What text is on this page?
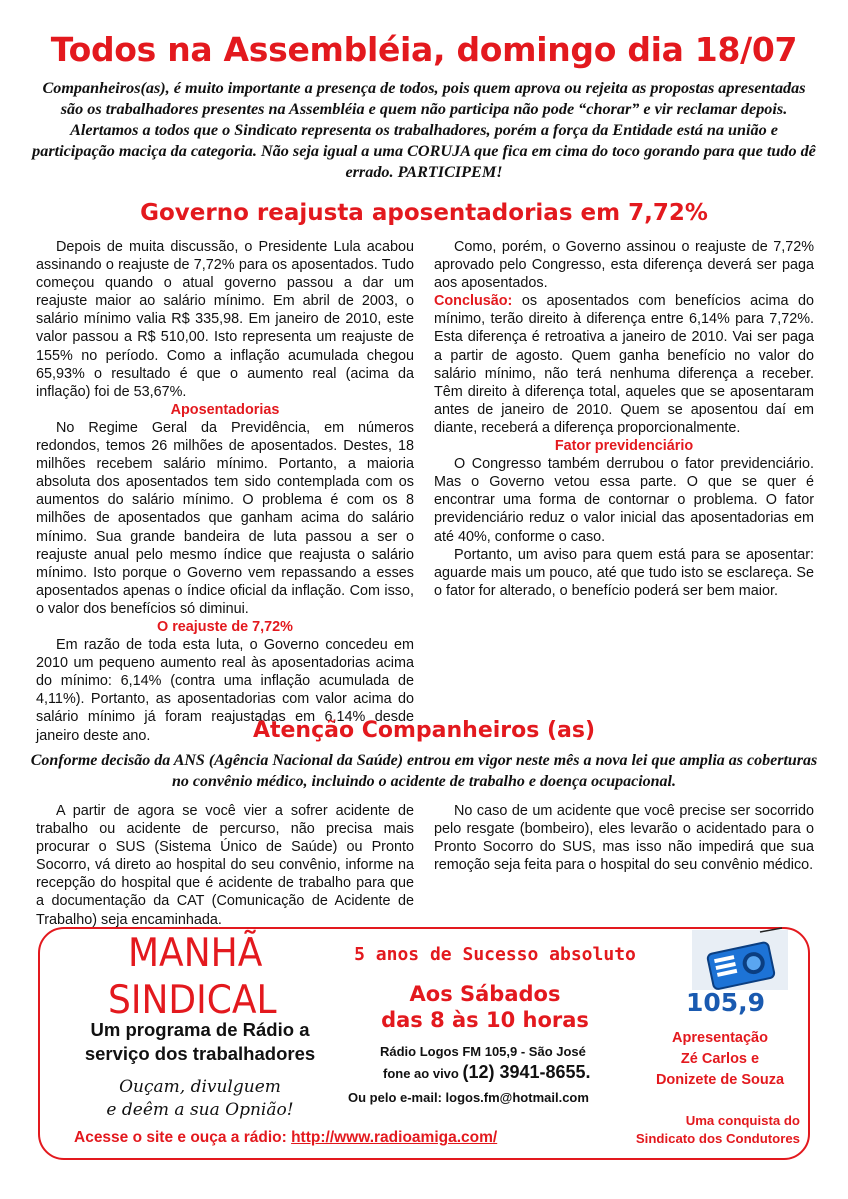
Todos na Assembléia, domingo dia 18/07

Companheiros(as), é muito importante a presença de todos, pois quem aprova ou rejeita as propostas apresentadas são os trabalhadores presentes na Assembléia e quem não participa não pode “chorar” e vir reclamar depois. Alertamos a todos que o Sindicato representa os trabalhadores, porém a força da Entidade está na união e participação maciça da categoria. Não seja igual a uma CORUJA que fica em cima do toco gorando para que tudo dê errado. PARTICIPEM!

Governo reajusta aposentadorias em 7,72%

Depois de muita discussão, o Presidente Lula acabou assinando o reajuste de 7,72% para os aposentados. Tudo começou quando o atual governo passou a dar um reajuste maior ao salário mínimo. Em abril de 2003, o salário mínimo valia R$ 335,98. Em janeiro de 2010, este valor passou a R$ 510,00. Isto representa um reajuste de 155% no período. Como a inflação acumulada chegou 65,93% o resultado é que o aumento real (acima da inflação) foi de 53,67%.

Aposentadorias

No Regime Geral da Previdência, em números redondos, temos 26 milhões de aposentados. Destes, 18 milhões recebem salário mínimo. Portanto, a maioria absoluta dos aposentados tem sido contemplada com os aumentos do salário mínimo. O problema é com os 8 milhões de aposentados que ganham acima do salário mínimo. Sua grande bandeira de luta passou a ser o reajuste anual pelo mesmo índice que reajusta o salário mínimo. Isto porque o Governo vem repassando a esses aposentados apenas o índice oficial da inflação. Com isso, o valor dos benefícios só diminui.

O reajuste de 7,72%

Em razão de toda esta luta, o Governo concedeu em 2010 um pequeno aumento real às aposentadorias acima do mínimo: 6,14% (contra uma inflação acumulada de 4,11%). Portanto, as aposentadorias com valor acima do salário mínimo já foram reajustadas em 6,14% desde janeiro deste ano.

Como, porém, o Governo assinou o reajuste de 7,72% aprovado pelo Congresso, esta diferença deverá ser paga aos aposentados.

Conclusão: os aposentados com benefícios acima do mínimo, terão direito à diferença entre 6,14% para 7,72%. Esta diferença é retroativa a janeiro de 2010. Vai ser paga a partir de agosto. Quem ganha benefício no valor do salário mínimo, não terá nenhuma diferença a receber. Têm direito à diferença total, aqueles que se aposentaram antes de janeiro de 2010. Quem se aposentou daí em diante, receberá a diferença proporcionalmente.

Fator previdenciário

O Congresso também derrubou o fator previdenciário. Mas o Governo vetou essa parte. O que se quer é encontrar uma forma de contornar o problema. O fator previdenciário reduz o valor inicial das aposentadorias em até 40%, conforme o caso.

Portanto, um aviso para quem está para se aposentar: aguarde mais um pouco, até que tudo isto se esclareça. Se o fator for alterado, o benefício poderá ser bem maior.

Atenção Companheiros (as)

Conforme decisão da ANS (Agência Nacional da Saúde) entrou em vigor neste mês a nova lei que amplia as coberturas no convênio médico, incluindo o acidente de trabalho e doença ocupacional.

A partir de agora se você vier a sofrer acidente de trabalho ou acidente de percurso, não precisa mais procurar o SUS (Sistema Único de Saúde) ou Pronto Socorro, vá direto ao hospital do seu convênio, informe na recepção do hospital que é acidente de trabalho para que a documentação da CAT (Comunicação de Acidente de Trabalho) seja encaminhada.

No caso de um acidente que você precise ser socorrido pelo resgate (bombeiro), eles levarão o acidentado para o Pronto Socorro do SUS, mas isso não impedirá que sua remoção seja feita para o hospital do seu convênio médico.

MANHÃ
SINDICAL
Um programa de Rádio a
serviço dos trabalhadores
Ouçam, divulguem
e deêm a sua Opnião!
5 anos de Sucesso absoluto
Aos Sábados
das 8 às 10 horas
Rádio Logos FM 105,9 - São José
fone ao vivo (12) 3941-8655.
Ou pelo e-mail: logos.fm@hotmail.com
Acesse o site e ouça a rádio: http://www.radioamiga.com/
105,9
Apresentação
Zé Carlos e
Donizete de Souza
Uma conquista do
Sindicato dos Condutores
